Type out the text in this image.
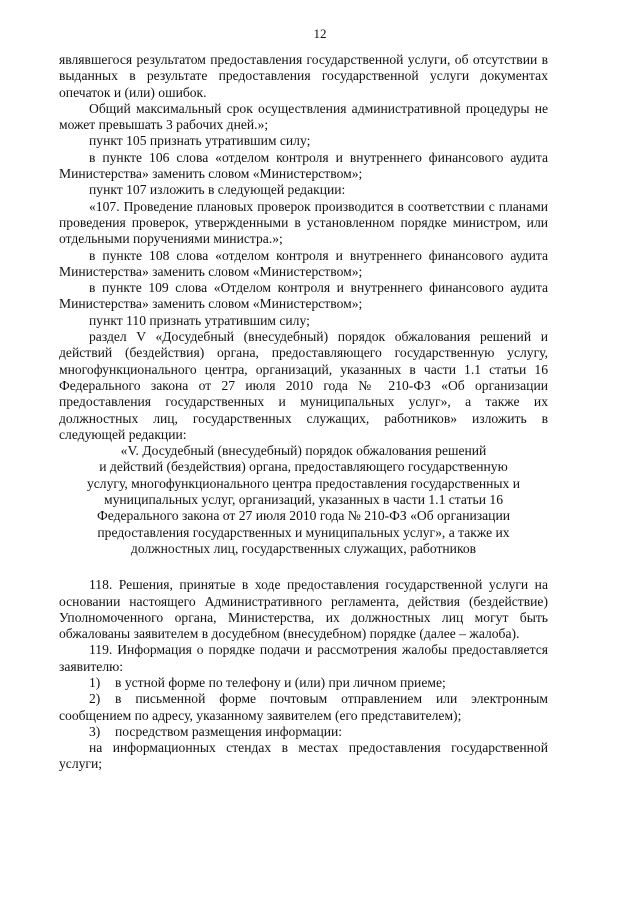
12

являвшегося результатом предоставления государственной услуги, об отсутствии в выданных в результате предоставления государственной услуги документах опечаток и (или) ошибок.

Общий максимальный срок осуществления административной процедуры не может превышать 3 рабочих дней.»;

пункт 105 признать утратившим силу;

в пункте 106 слова «отделом контроля и внутреннего финансового аудита Министерства» заменить словом «Министерством»;

пункт 107 изложить в следующей редакции:

«107. Проведение плановых проверок производится в соответствии с планами проведения проверок, утвержденными в установленном порядке министром, или отдельными поручениями министра.»;

в пункте 108 слова «отделом контроля и внутреннего финансового аудита Министерства» заменить словом «Министерством»;

в пункте 109 слова «Отделом контроля и внутреннего финансового аудита Министерства» заменить словом «Министерством»;

пункт 110 признать утратившим силу;

раздел V «Досудебный (внесудебный) порядок обжалования решений и действий (бездействия) органа, предоставляющего государственную услугу, многофункционального центра, организаций, указанных в части 1.1 статьи 16 Федерального закона от 27 июля 2010 года № 210-ФЗ «Об организации предоставления государственных и муниципальных услуг», а также их должностных лиц, государственных служащих, работников» изложить в следующей редакции:

«V. Досудебный (внесудебный) порядок обжалования решений

и действий (бездействия) органа, предоставляющего государственную

услугу, многофункционального центра предоставления государственных и

муниципальных услуг, организаций, указанных в части 1.1 статьи 16

Федерального закона от 27 июля 2010 года № 210-ФЗ «Об организации

предоставления государственных и муниципальных услуг», а также их

должностных лиц, государственных служащих, работников

118. Решения, принятые в ходе предоставления государственной услуги на основании настоящего Административного регламента, действия (бездействие) Уполномоченного органа, Министерства, их должностных лиц могут быть обжалованы заявителем в досудебном (внесудебном) порядке (далее – жалоба).

119. Информация о порядке подачи и рассмотрения жалобы предоставляется заявителю:

1) в устной форме по телефону и (или) при личном приеме;

2) в письменной форме почтовым отправлением или электронным сообщением по адресу, указанному заявителем (его представителем);

3) посредством размещения информации:

на информационных стендах в местах предоставления государственной услуги;
